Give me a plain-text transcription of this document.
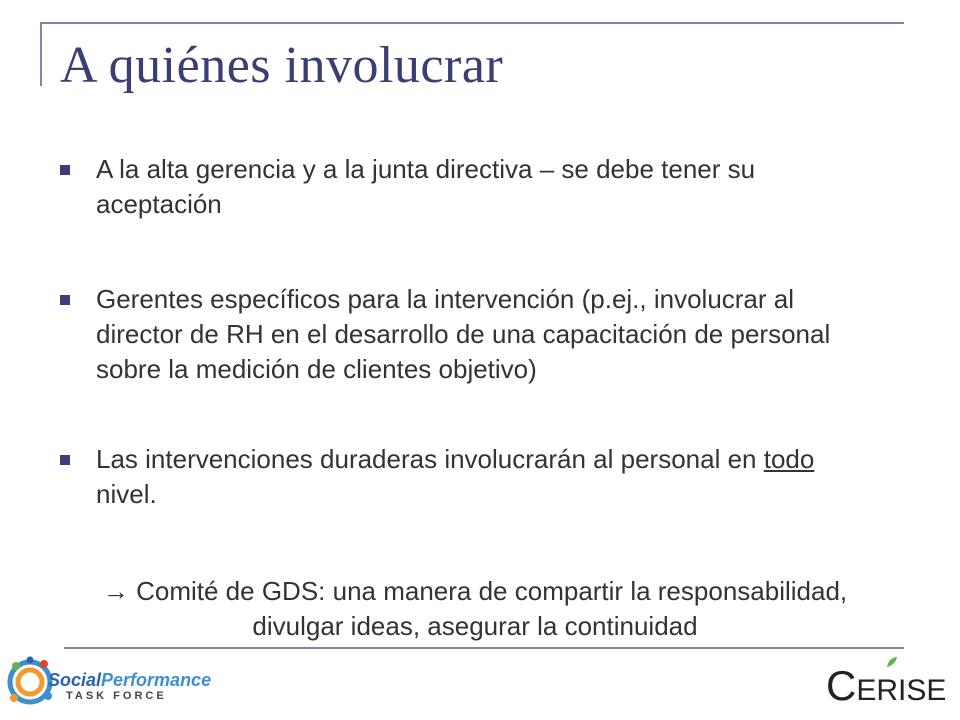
A quiénes involucrar
A la alta gerencia y a la junta directiva – se debe tener su aceptación
Gerentes específicos para la intervención (p.ej., involucrar al director de RH en el desarrollo de una capacitación de personal sobre la medición de clientes objetivo)
Las intervenciones duraderas involucrarán al personal en todo nivel.
→ Comité de GDS: una manera de compartir la responsabilidad, divulgar ideas, asegurar la continuidad
SocialPerformance
TASK FORCE	CERISE
